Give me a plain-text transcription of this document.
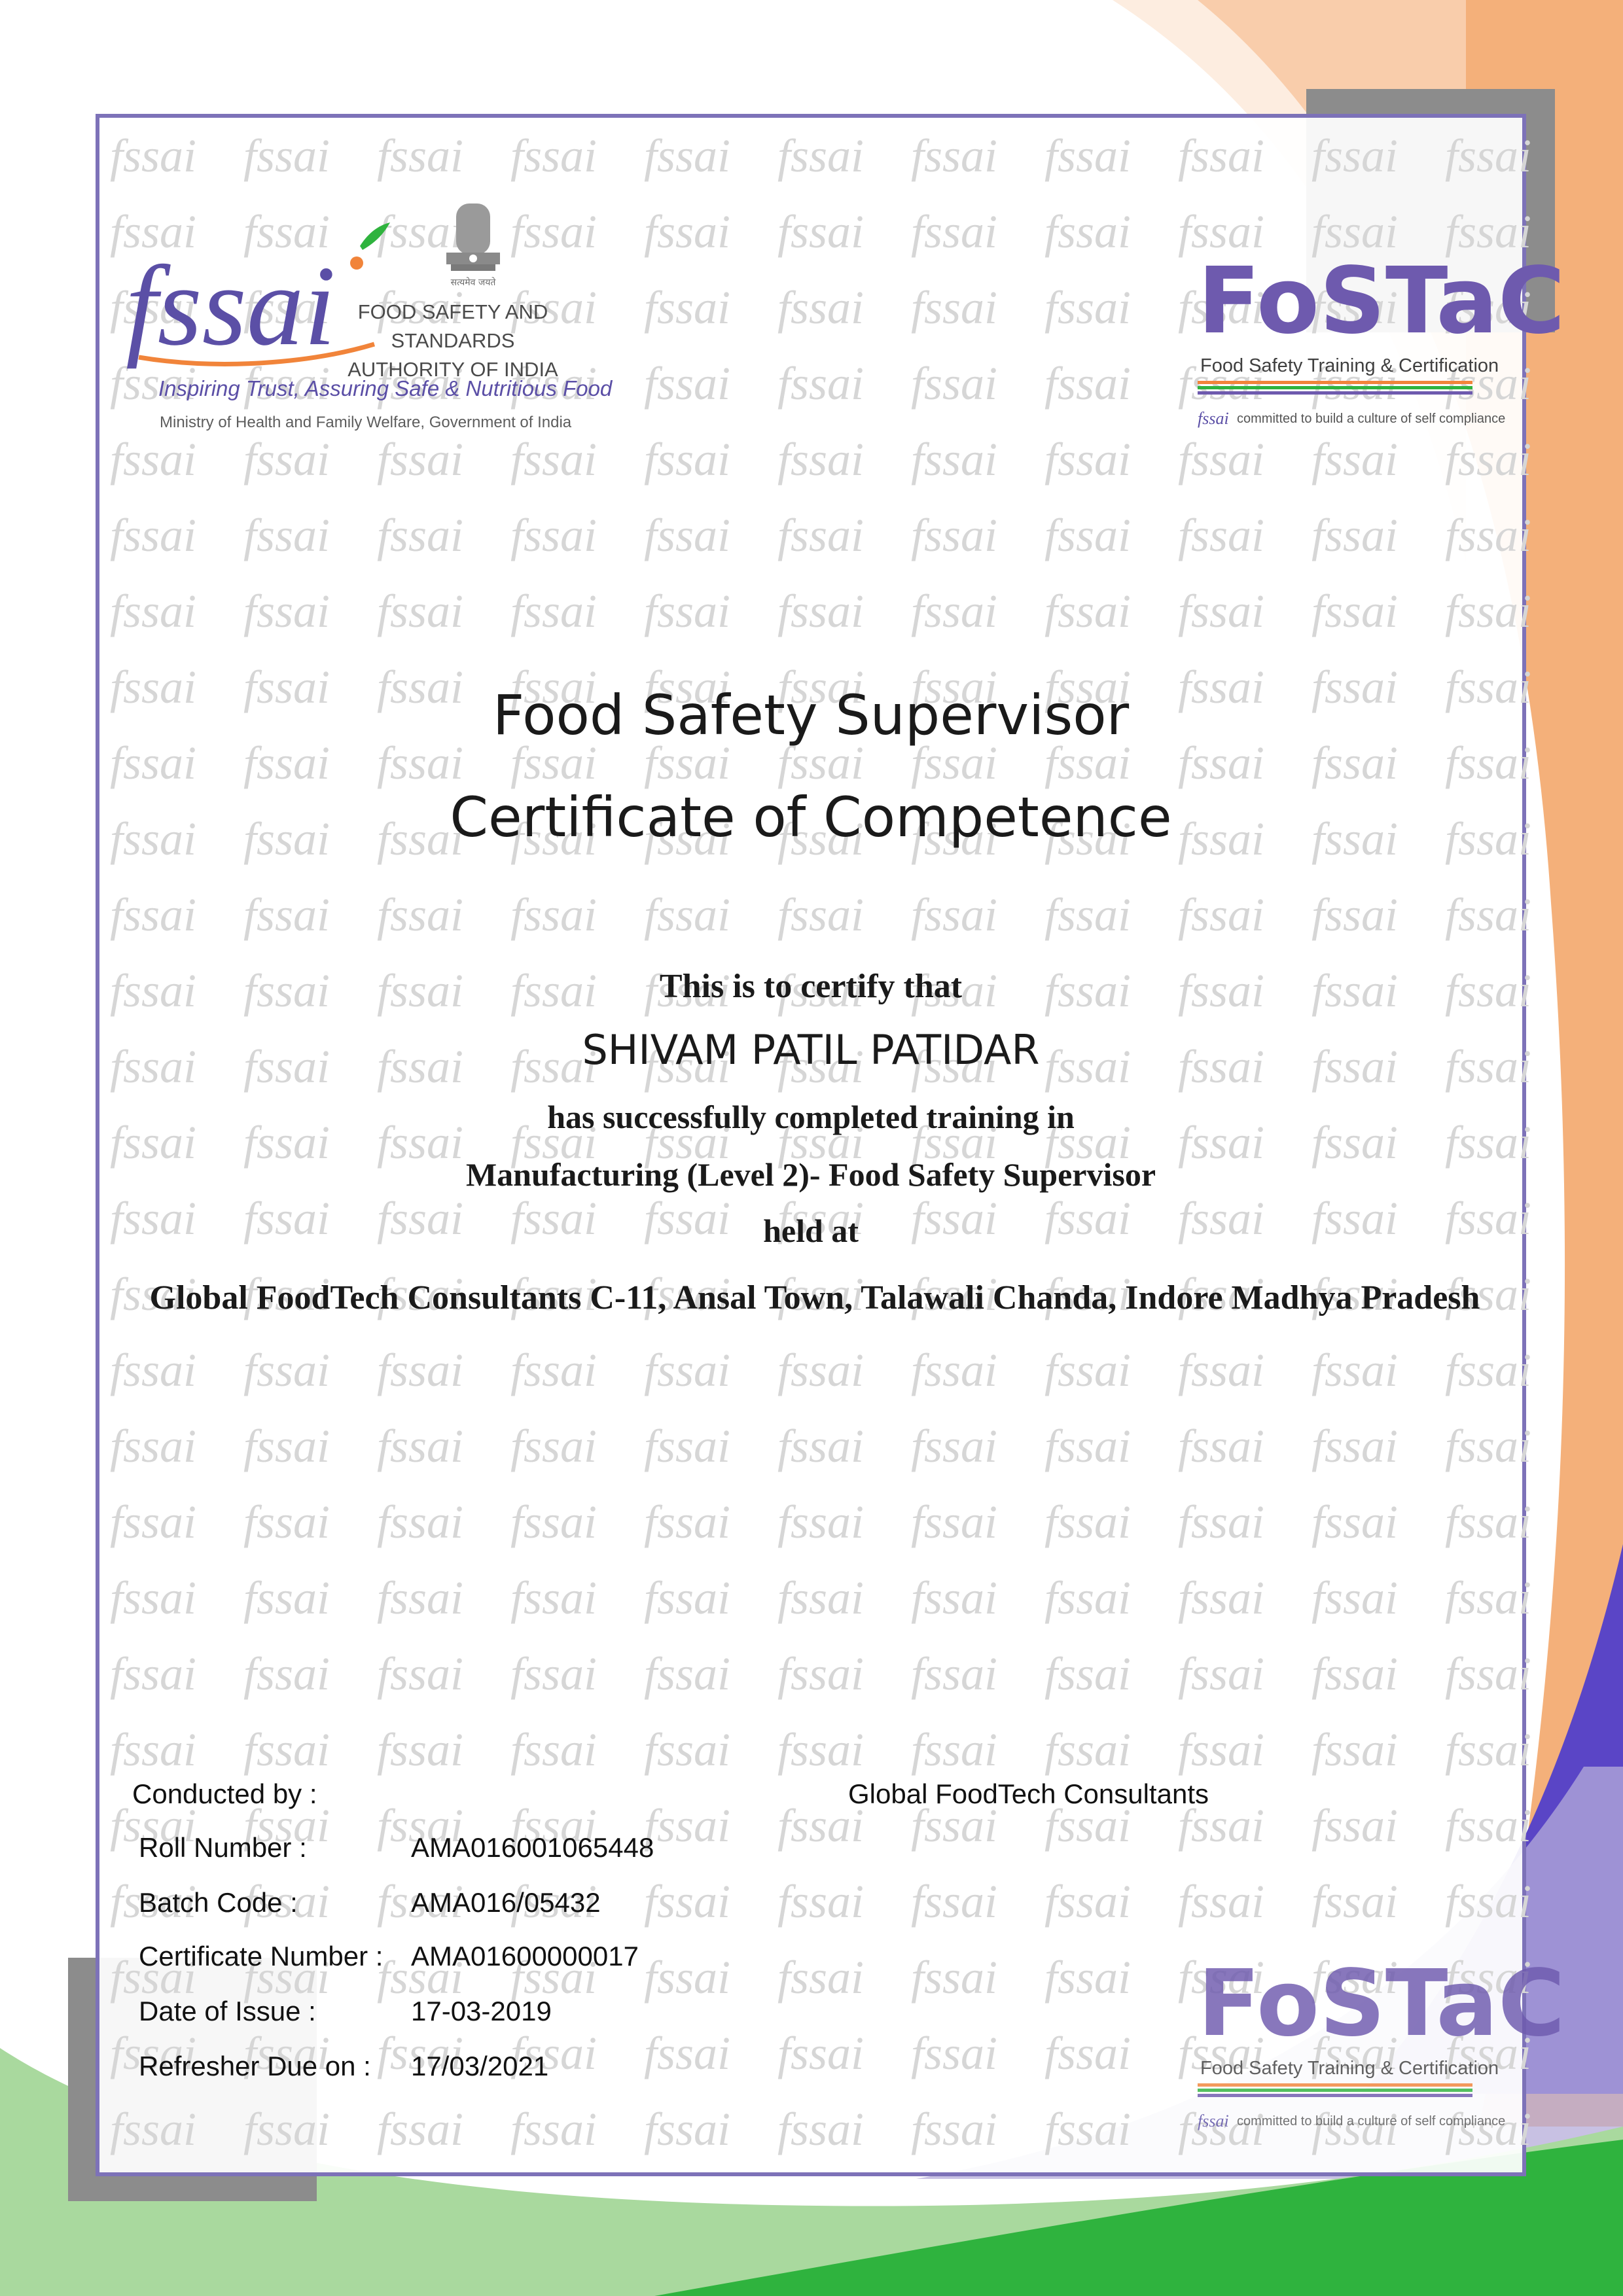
fssai	सत्यमेव जयते
FOOD SAFETY AND STANDARDS
AUTHORITY OF INDIA
Inspiring Trust, Assuring Safe & Nutritious Food
Ministry of Health and Family Welfare, Government of India
FoSTaC
Food Safety Training & Certification
fssai committed to build a culture of self compliance
Food Safety Supervisor
Certificate of Competence
This is to certify that
SHIVAM PATIL PATIDAR
has successfully completed training in
Manufacturing (Level 2)- Food Safety Supervisor
held at
Global FoodTech Consultants C-11, Ansal Town, Talawali Chanda, Indore Madhya Pradesh
Conducted by :	Global FoodTech Consultants
Roll Number :	AMA016001065448
Batch Code :	AMA016/05432
Certificate Number : AMA01600000017
Date of Issue :	17-03-2019
Refresher Due on : 17/03/2021
FoSTaC
Food Safety Training & Certification
fssai committed to build a culture of self compliance
